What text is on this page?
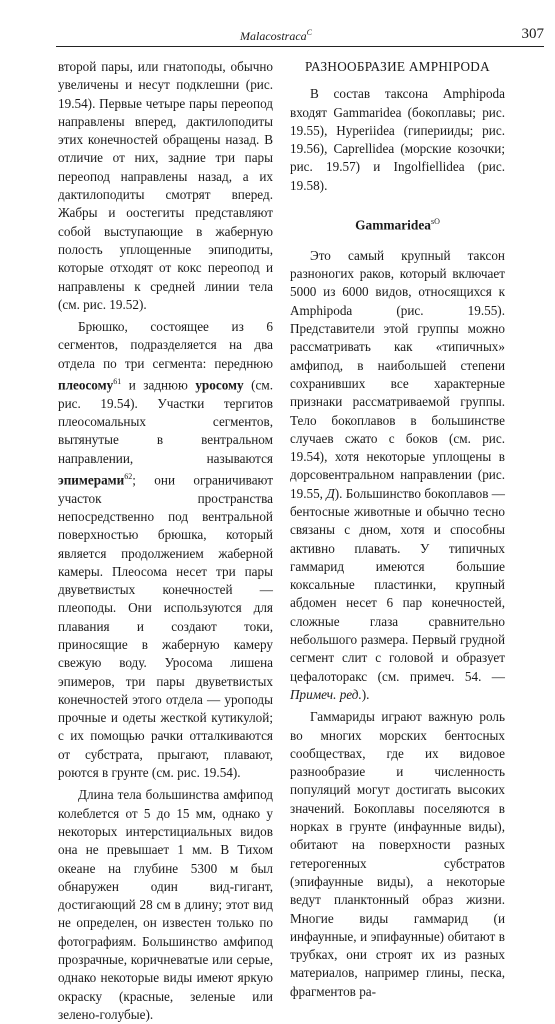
Malacostraca$^C$	307

второй пары, или гнатоподы, обычно увеличены и несут подклешни (рис. 19.54). Первые четыре пары переопод направлены вперед, дактилоподиты этих конечностей обращены назад. В отличие от них, задние три пары переопод направлены назад, а их дактилоподиты смотрят вперед. Жабры и оостегиты представляют собой выступающие в жаберную полость уплощенные эпиподиты, которые отходят от кокс переопод и направлены к средней линии тела (см. рис. 19.52).

Брюшко, состоящее из 6 сегментов, подразделяется на два отдела по три сегмента: переднюю плеосому$^{61}$ и заднюю уросому (см. рис. 19.54). Участки тергитов плеосомальных сегментов, вытянутые в вентральном направлении, называются эпимерами$^{62}$; они ограничивают участок пространства непосредственно под вентральной поверхностью брюшка, который является продолжением жаберной камеры. Плеосома несет три пары двуветвистых конечностей — плеоподы. Они используются для плавания и создают токи, приносящие в жаберную камеру свежую воду. Уросома лишена эпимеров, три пары двуветвистых конечностей этого отдела — уроподы прочные и одеты жесткой кутикулой; с их помощью рачки отталкиваются от субстрата, прыгают, плавают, роются в грунте (см. рис. 19.54).

Длина тела большинства амфипод колеблется от 5 до 15 мм, однако у некоторых интерстициальных видов она не превышает 1 мм. В Тихом океане на глубине 5300 м был обнаружен один вид-гигант, достигающий 28 см в длину; этот вид не определен, он известен только по фотографиям. Большинство амфипод прозрачные, коричневатые или серые, однако некоторые виды имеют яркую окраску (красные, зеленые или зелено-голубые).

РАЗНООБРАЗИЕ AMPHIPODA

В состав таксона Amphipoda входят Gammaridea (бокоплавы; рис. 19.55), Hyperiidea (гиперииды; рис. 19.56), Caprellidea (морские козочки; рис. 19.57) и Ingolfiellidea (рис. 19.58).

Gammaridea$^{sO}$

Это самый крупный таксон разноногих раков, который включает 5000 из 6000 видов, относящихся к Amphipoda (рис. 19.55). Представители этой группы можно рассматривать как «типичных» амфипод, в наибольшей степени сохранивших все характерные признаки рассматриваемой группы. Тело бокоплавов в большинстве случаев сжато с боков (см. рис. 19.54), хотя некоторые уплощены в дорсовентральном направлении (рис. 19.55, Д). Большинство бокоплавов — бентосные животные и обычно тесно связаны с дном, хотя и способны активно плавать. У типичных гаммарид имеются большие коксальные пластинки, крупный абдомен несет 6 пар конечностей, сложные глаза сравнительно небольшого размера. Первый грудной сегмент слит с головой и образует цефалоторакс (см. примеч. 54. — Примеч. ред.).

Гаммариды играют важную роль во многих морских бентосных сообществах, где их видовое разнообразие и численность популяций могут достигать высоких значений. Бокоплавы поселяются в норках в грунте (инфаунные виды), обитают на поверхности разных гетерогенных субстратов (эпифаунные виды), а некоторые ведут планктонный образ жизни. Многие виды гаммарид (и инфаунные, и эпифаунные) обитают в трубках, они строят их из разных материалов, например глины, песка, фрагментов ра-
